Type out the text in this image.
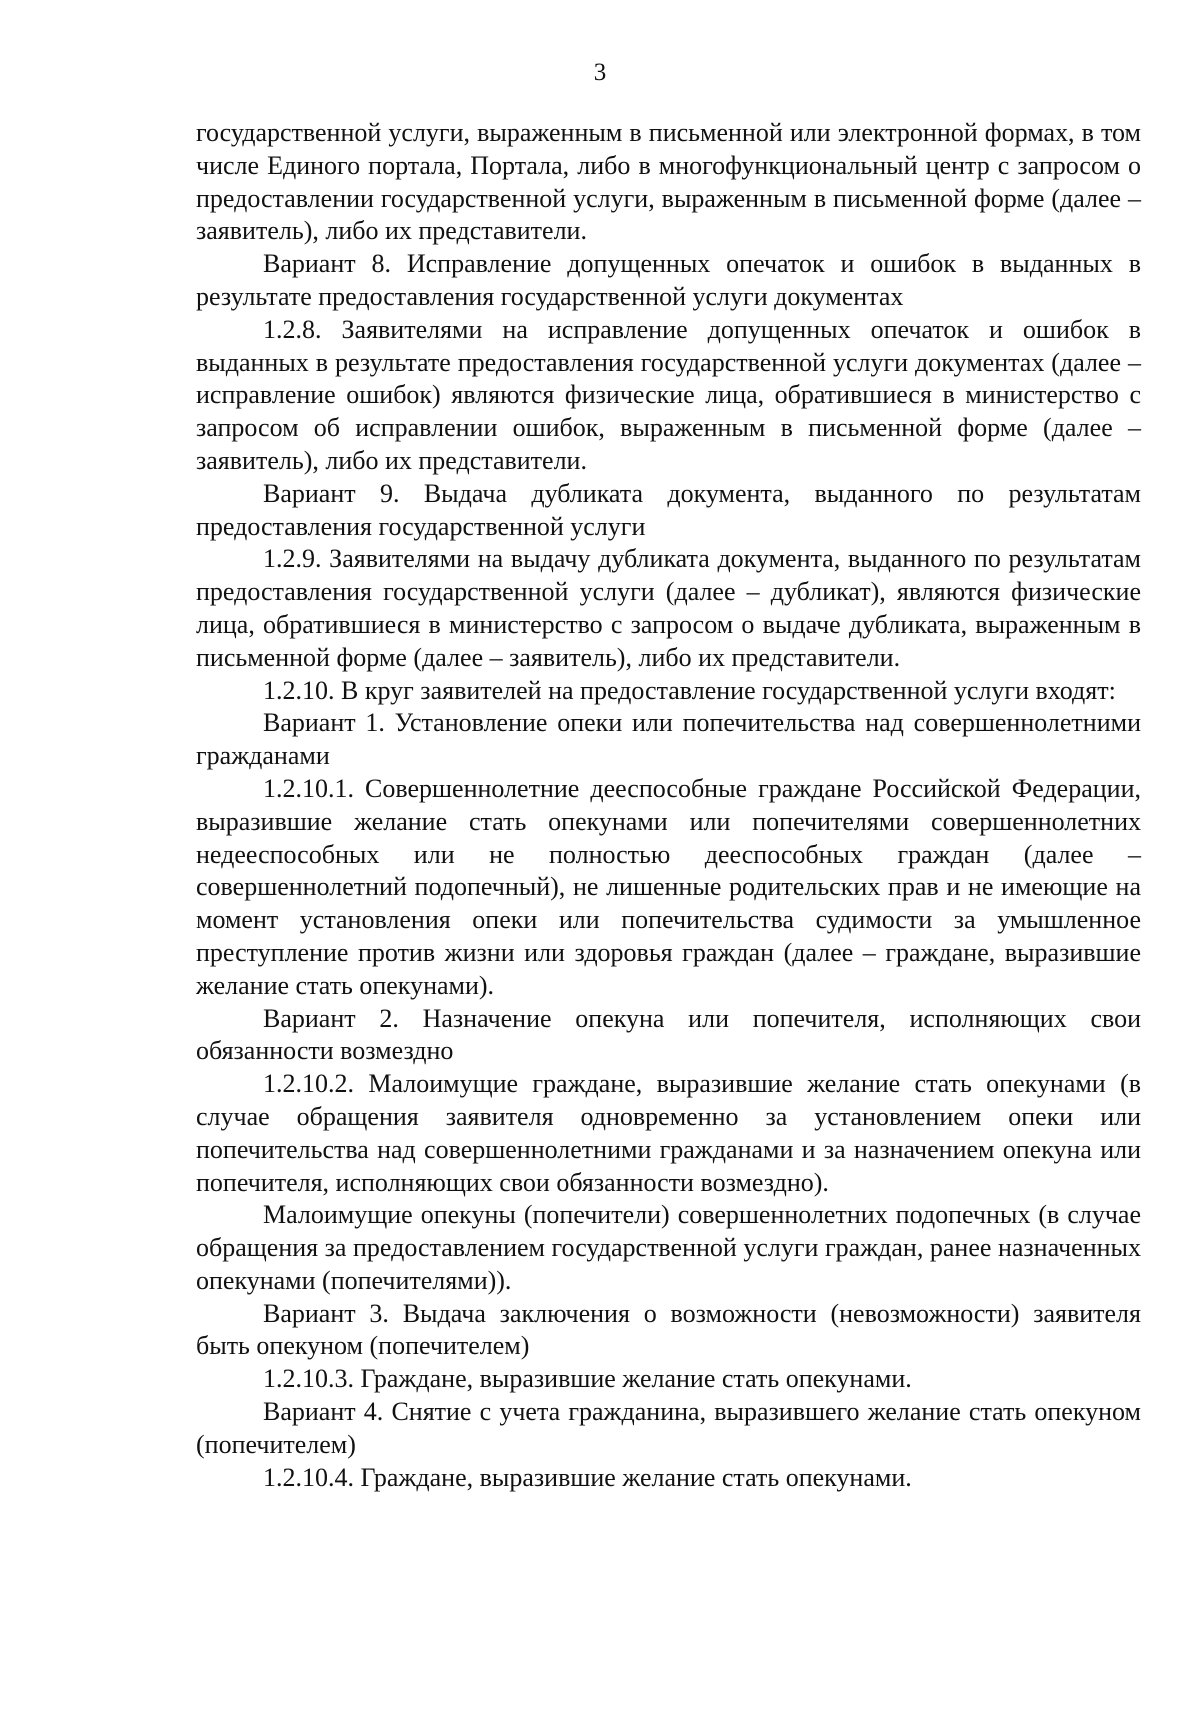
3

государственной услуги, выраженным в письменной или электронной формах, в том числе Единого портала, Портала, либо в многофункциональный центр с запросом о предоставлении государственной услуги, выраженным в письменной форме (далее – заявитель), либо их представители.

Вариант 8. Исправление допущенных опечаток и ошибок в выданных в результате предоставления государственной услуги документах

1.2.8. Заявителями на исправление допущенных опечаток и ошибок в выданных в результате предоставления государственной услуги документах (далее – исправление ошибок) являются физические лица, обратившиеся в министерство с запросом об исправлении ошибок, выраженным в письменной форме (далее – заявитель), либо их представители.

Вариант 9. Выдача дубликата документа, выданного по результатам предоставления государственной услуги

1.2.9. Заявителями на выдачу дубликата документа, выданного по результатам предоставления государственной услуги (далее – дубликат), являются физические лица, обратившиеся в министерство с запросом о выдаче дубликата, выраженным в письменной форме (далее – заявитель), либо их представители.

1.2.10. В круг заявителей на предоставление государственной услуги входят:

Вариант 1. Установление опеки или попечительства над совершеннолетними гражданами

1.2.10.1. Совершеннолетние дееспособные граждане Российской Федерации, выразившие желание стать опекунами или попечителями совершеннолетних недееспособных или не полностью дееспособных граждан (далее – совершеннолетний подопечный), не лишенные родительских прав и не имеющие на момент установления опеки или попечительства судимости за умышленное преступление против жизни или здоровья граждан (далее – граждане, выразившие желание стать опекунами).

Вариант 2. Назначение опекуна или попечителя, исполняющих свои обязанности возмездно

1.2.10.2. Малоимущие граждане, выразившие желание стать опекунами (в случае обращения заявителя одновременно за установлением опеки или попечительства над совершеннолетними гражданами и за назначением опекуна или попечителя, исполняющих свои обязанности возмездно).

Малоимущие опекуны (попечители) совершеннолетних подопечных (в случае обращения за предоставлением государственной услуги граждан, ранее назначенных опекунами (попечителями)).

Вариант 3. Выдача заключения о возможности (невозможности) заявителя быть опекуном (попечителем)

1.2.10.3. Граждане, выразившие желание стать опекунами.

Вариант 4. Снятие с учета гражданина, выразившего желание стать опекуном (попечителем)

1.2.10.4. Граждане, выразившие желание стать опекунами.
